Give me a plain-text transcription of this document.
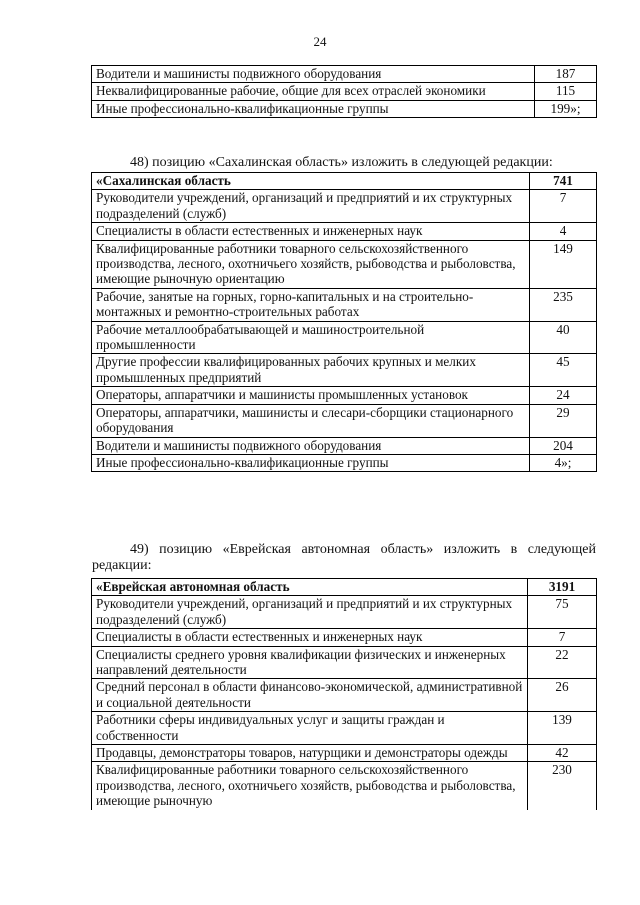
24
Водители и машинисты подвижного оборудования	187
Неквалифицированные рабочие, общие для всех отраслей экономики	115
Иные профессионально-квалификационные группы	199»;
48) позицию «Сахалинская область» изложить в следующей редакции:
«Сахалинская область	741
Руководители учреждений, организаций и предприятий и их структурных подразделений (служб)	7
Специалисты в области естественных и инженерных наук	4
Квалифицированные работники товарного сельскохозяйственного производства, лесного, охотничьего хозяйств, рыбоводства и рыболовства, имеющие рыночную ориентацию	149
Рабочие, занятые на горных, горно-капитальных и на строительно-монтажных и ремонтно-строительных работах	235
Рабочие металлообрабатывающей и машиностроительной промышленности	40
Другие профессии квалифицированных рабочих крупных и мелких промышленных предприятий	45
Операторы, аппаратчики и машинисты промышленных установок	24
Операторы, аппаратчики, машинисты и слесари-сборщики стационарного оборудования	29
Водители и машинисты подвижного оборудования	204
Иные профессионально-квалификационные группы	4»;
49) позицию «Еврейская автономная область» изложить в следующей редакции:
«Еврейская автономная область	3191
Руководители учреждений, организаций и предприятий и их структурных подразделений (служб)	75
Специалисты в области естественных и инженерных наук	7
Специалисты среднего уровня квалификации физических и инженерных направлений деятельности	22
Средний персонал в области финансово-экономической, административной и социальной деятельности	26
Работники сферы индивидуальных услуг и защиты граждан и собственности	139
Продавцы, демонстраторы товаров, натурщики и демонстраторы одежды	42
Квалифицированные работники товарного сельскохозяйственного производства, лесного, охотничьего хозяйств, рыбоводства и рыболовства, имеющие рыночную	230
